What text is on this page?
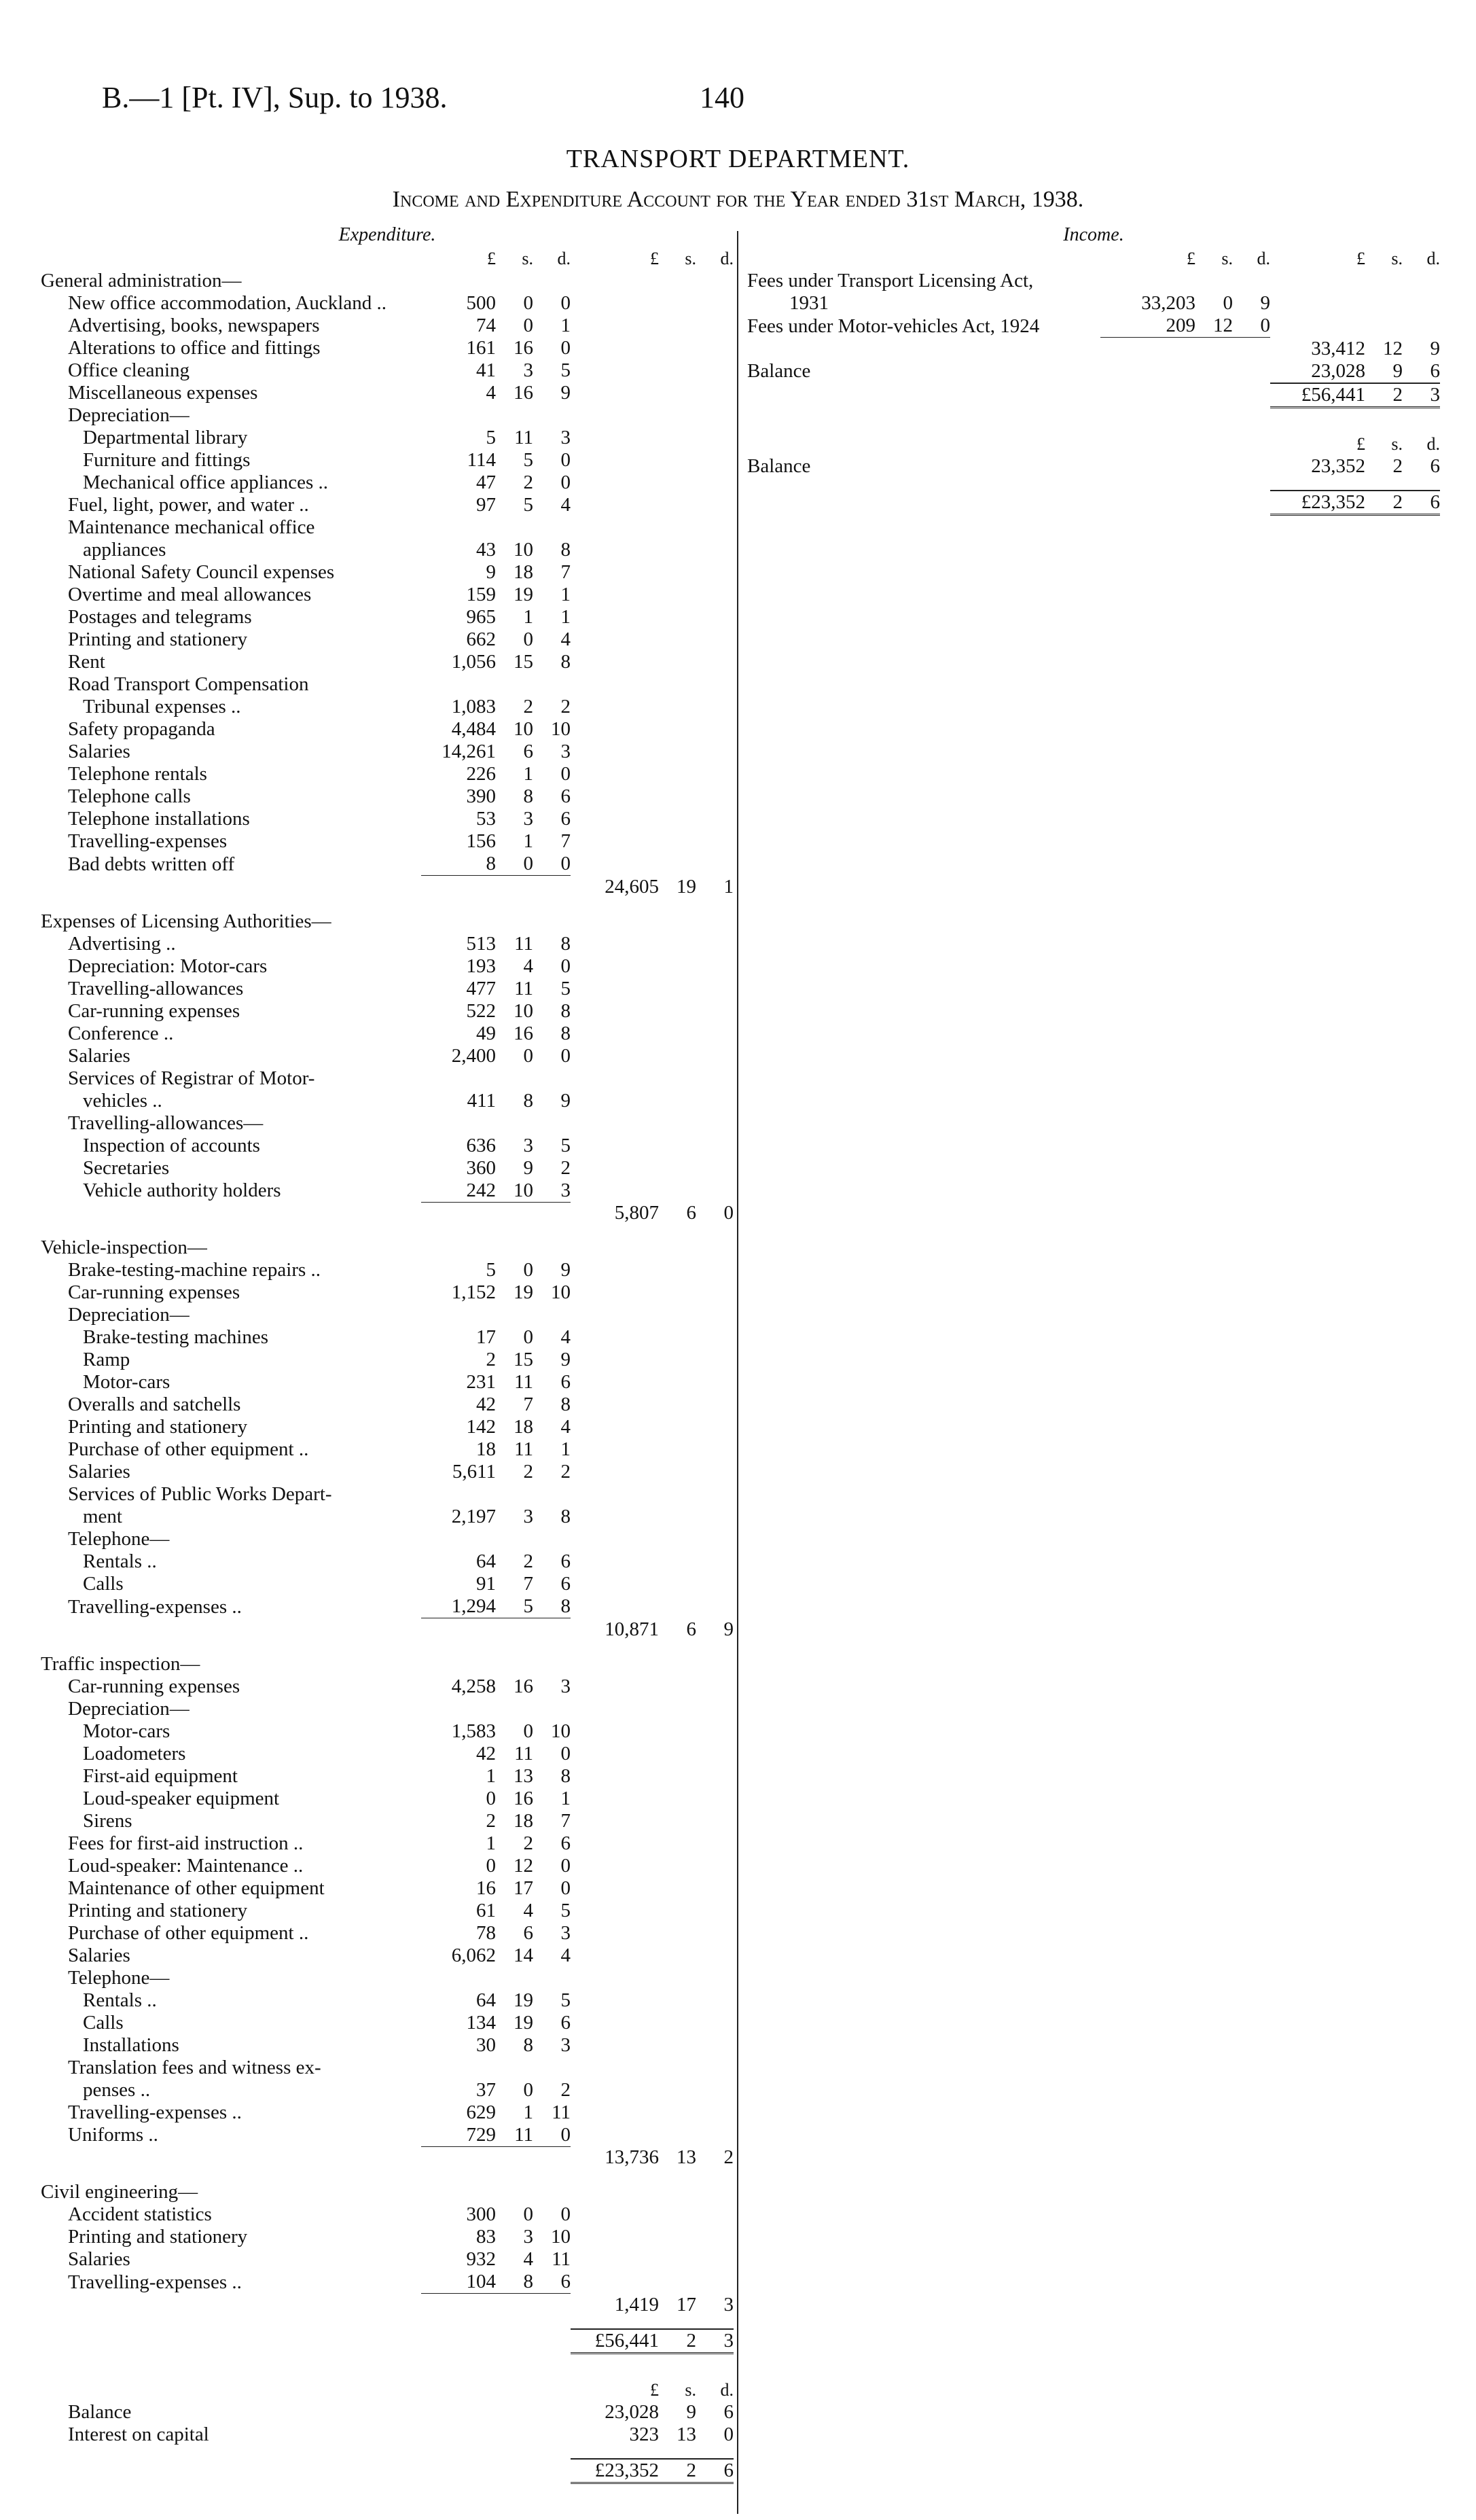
B.—1 [Pt. IV], Sup. to 1938.	140
TRANSPORT DEPARTMENT.
Income and Expenditure Account for the Year ended 31st March, 1938.
Expenditure.
	£	s.	d.	£	s.	d.
General administration—						
New office accommodation, Auckland ..	500	0	0			
Advertising, books, newspapers	74	0	1			
Alterations to office and fittings	161	16	0			
Office cleaning	41	3	5			
Miscellaneous expenses	4	16	9			
Depreciation—						
Departmental library	5	11	3			
Furniture and fittings	114	5	0			
Mechanical office appliances ..	47	2	0			
Fuel, light, power, and water ..	97	5	4			
Maintenance mechanical office						
appliances	43	10	8			
National Safety Council expenses	9	18	7			
Overtime and meal allowances	159	19	1			
Postages and telegrams	965	1	1			
Printing and stationery	662	0	4			
Rent	1,056	15	8			
Road Transport Compensation						
Tribunal expenses ..	1,083	2	2			
Safety propaganda	4,484	10	10			
Salaries	14,261	6	3			
Telephone rentals	226	1	0			
Telephone calls	390	8	6			
Telephone installations	53	3	6			
Travelling-expenses	156	1	7			
Bad debts written off	8	0	0			
				24,605	19	1

Expenses of Licensing Authorities—						
Advertising ..	513	11	8			
Depreciation: Motor-cars	193	4	0			
Travelling-allowances	477	11	5			
Car-running expenses	522	10	8			
Conference ..	49	16	8			
Salaries	2,400	0	0			
Services of Registrar of Motor-						
vehicles ..	411	8	9			
Travelling-allowances—						
Inspection of accounts	636	3	5			
Secretaries	360	9	2			
Vehicle authority holders	242	10	3			
				5,807	6	0

Vehicle-inspection—						
Brake-testing-machine repairs ..	5	0	9			
Car-running expenses	1,152	19	10			
Depreciation—						
Brake-testing machines	17	0	4			
Ramp	2	15	9			
Motor-cars	231	11	6			
Overalls and satchells	42	7	8			
Printing and stationery	142	18	4			
Purchase of other equipment ..	18	11	1			
Salaries	5,611	2	2			
Services of Public Works Depart-						
ment	2,197	3	8			
Telephone—						
Rentals ..	64	2	6			
Calls	91	7	6			
Travelling-expenses ..	1,294	5	8			
				10,871	6	9

Traffic inspection—						
Car-running expenses	4,258	16	3			
Depreciation—						
Motor-cars	1,583	0	10			
Loadometers	42	11	0			
First-aid equipment	1	13	8			
Loud-speaker equipment	0	16	1			
Sirens	2	18	7			
Fees for first-aid instruction ..	1	2	6			
Loud-speaker: Maintenance ..	0	12	0			
Maintenance of other equipment	16	17	0			
Printing and stationery	61	4	5			
Purchase of other equipment ..	78	6	3			
Salaries	6,062	14	4			
Telephone—						
Rentals ..	64	19	5			
Calls	134	19	6			
Installations	30	8	3			
Translation fees and witness ex-						
penses ..	37	0	2			
Travelling-expenses ..	629	1	11			
Uniforms ..	729	11	0			
				13,736	13	2

Civil engineering—						
Accident statistics	300	0	0			
Printing and stationery	83	3	10			
Salaries	932	4	11			
Travelling-expenses ..	104	8	6			
				1,419	17	3

				£56,441	2	3

				£	s.	d.
Balance				23,028	9	6
Interest on capital				323	13	0

				£23,352	2	6
Income.
	£	s.	d.	£	s.	d.
Fees under Transport Licensing Act,						
1931	33,203	0	9			
Fees under Motor-vehicles Act, 1924	209	12	0			
				33,412	12	9
Balance				23,028	9	6

				£56,441	2	3

				£	s.	d.
Balance				23,352	2	6

				£23,352	2	6
